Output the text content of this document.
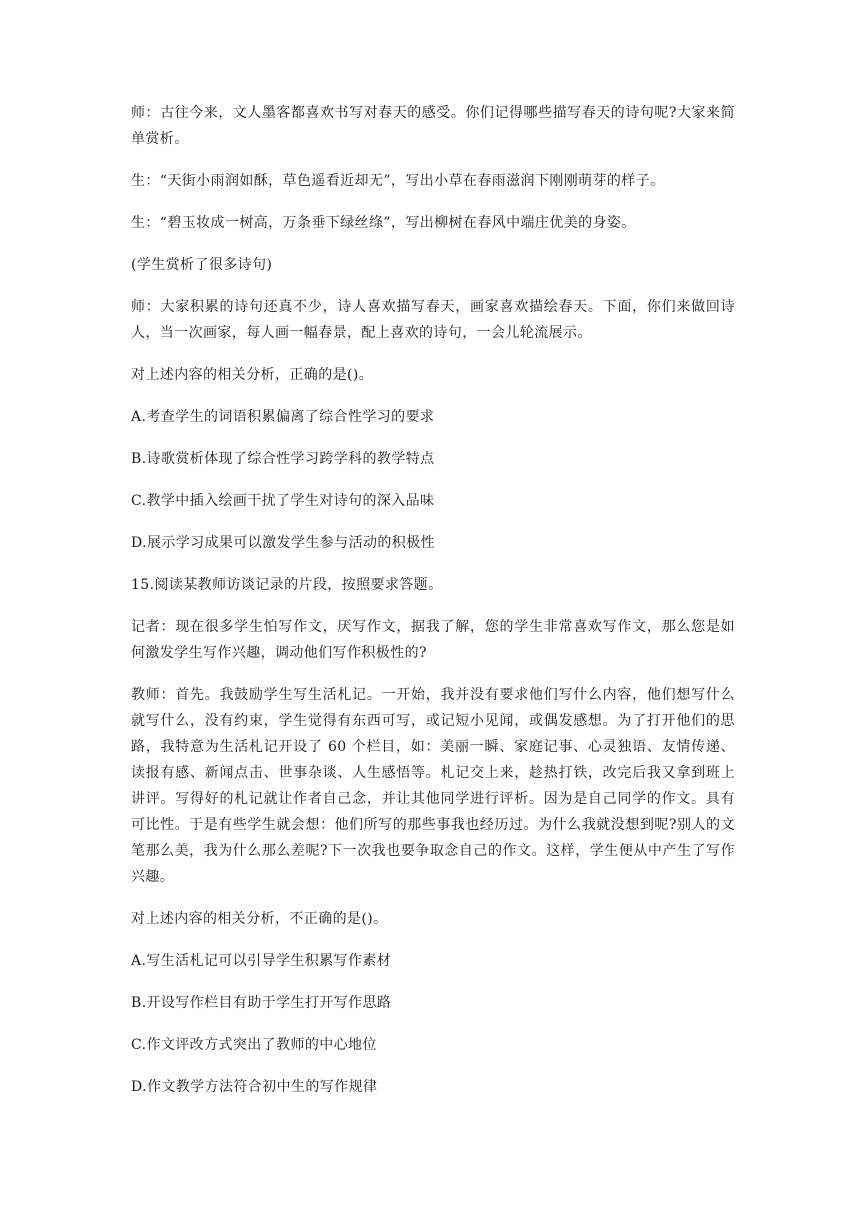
师：古往今来，文人墨客都喜欢书写对春天的感受。你们记得哪些描写春天的诗句呢?大家来简单赏析。

生：“天街小雨润如酥，草色遥看近却无”，写出小草在春雨滋润下刚刚萌芽的样子。

生：“碧玉妆成一树高，万条垂下绿丝绦”，写出柳树在春风中端庄优美的身姿。

(学生赏析了很多诗句)

师：大家积累的诗句还真不少，诗人喜欢描写春天，画家喜欢描绘春天。下面，你们来做回诗人，当一次画家，每人画一幅春景，配上喜欢的诗句，一会儿轮流展示。

对上述内容的相关分析，正确的是()。

A.考查学生的词语积累偏离了综合性学习的要求

B.诗歌赏析体现了综合性学习跨学科的教学特点

C.教学中插入绘画干扰了学生对诗句的深入品味

D.展示学习成果可以激发学生参与活动的积极性

15.阅读某教师访谈记录的片段，按照要求答题。

记者：现在很多学生怕写作文，厌写作文，据我了解，您的学生非常喜欢写作文，那么您是如何激发学生写作兴趣，调动他们写作积极性的?

教师：首先。我鼓励学生写生活札记。一开始，我并没有要求他们写什么内容，他们想写什么就写什么，没有约束，学生觉得有东西可写，或记短小见闻，或偶发感想。为了打开他们的思路，我特意为生活札记开设了 60 个栏目，如：美丽一瞬、家庭记事、心灵独语、友情传递、读报有感、新闻点击、世事杂谈、人生感悟等。札记交上来，趁热打铁，改完后我又拿到班上讲评。写得好的札记就让作者自己念，并让其他同学进行评析。因为是自己同学的作文。具有可比性。于是有些学生就会想：他们所写的那些事我也经历过。为什么我就没想到呢?别人的文笔那么美，我为什么那么差呢?下一次我也要争取念自己的作文。这样，学生便从中产生了写作兴趣。

对上述内容的相关分析，不正确的是()。

A.写生活札记可以引导学生积累写作素材

B.开设写作栏目有助于学生打开写作思路

C.作文评改方式突出了教师的中心地位

D.作文教学方法符合初中生的写作规律
